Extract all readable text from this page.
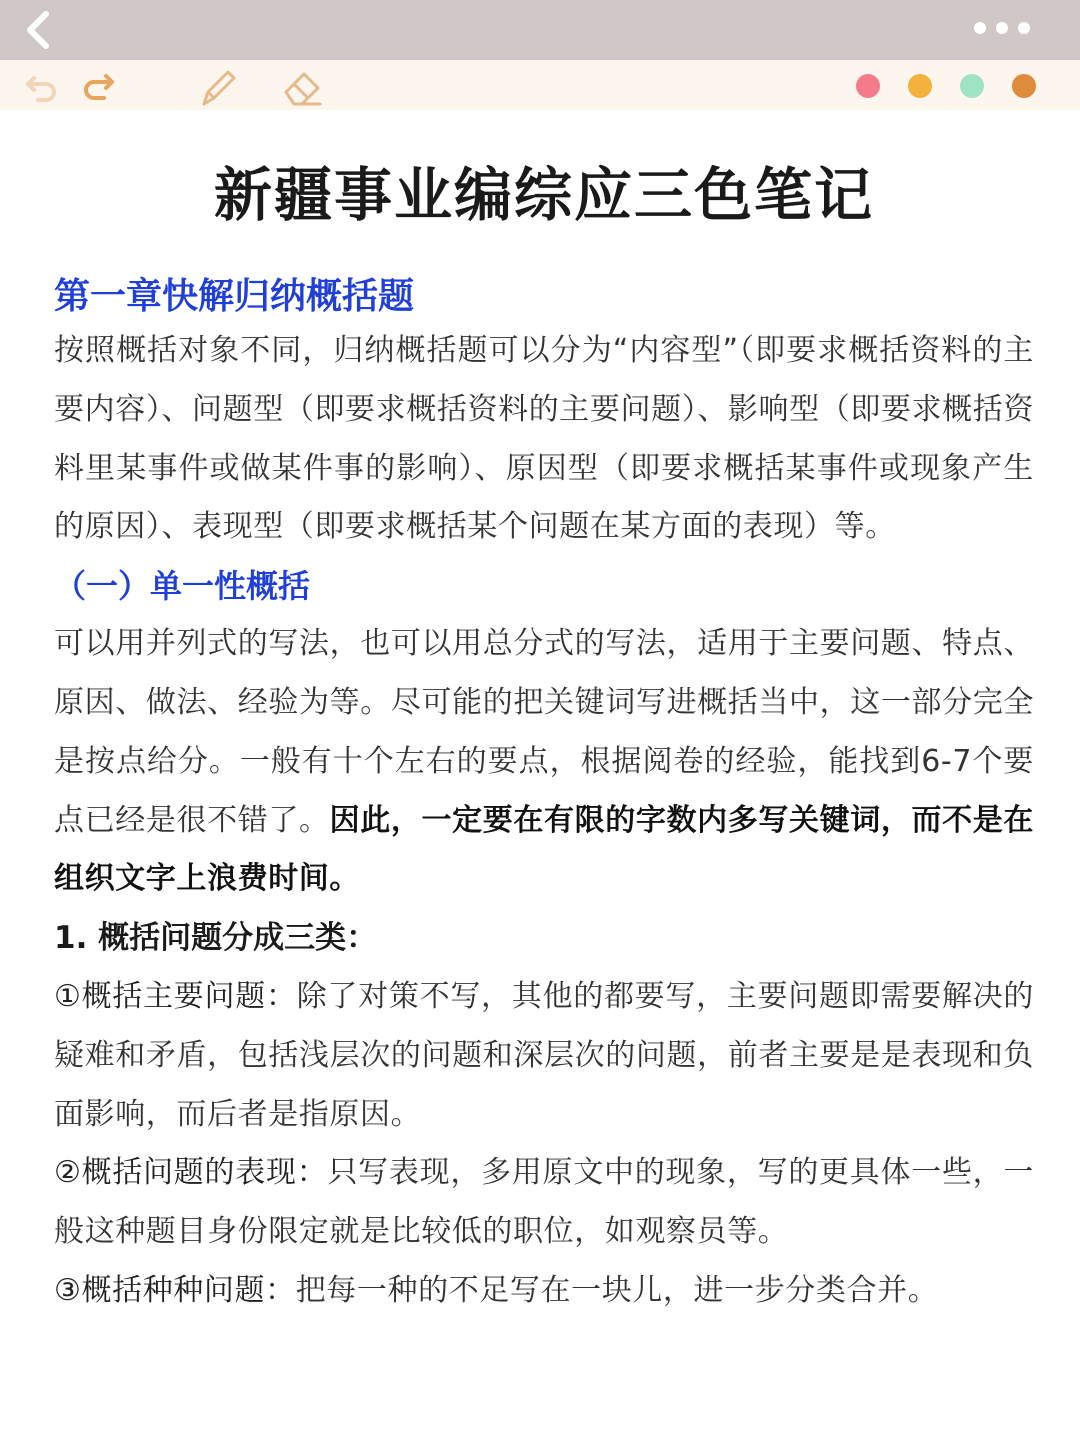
新疆事业编综应三色笔记
第一章快解归纳概括题

按照概括对象不同，归纳概括题可以分为“内容型”（即要求概括资料的主要内容）、问题型（即要求概括资料的主要问题）、影响型（即要求概括资料里某事件或做某件事的影响）、原因型（即要求概括某事件或现象产生的原因）、表现型（即要求概括某个问题在某方面的表现）等。

（一）单一性概括

可以用并列式的写法，也可以用总分式的写法，适用于主要问题、特点、原因、做法、经验为等。尽可能的把关键词写进概括当中，这一部分完全是按点给分。一般有十个左右的要点，根据阅卷的经验，能找到6-7个要点已经是很不错了。因此，一定要在有限的字数内多写关键词，而不是在组织文字上浪费时间。

1. 概括问题分成三类：

①概括主要问题：除了对策不写，其他的都要写，主要问题即需要解决的疑难和矛盾，包括浅层次的问题和深层次的问题，前者主要是是表现和负面影响，而后者是指原因。

②概括问题的表现：只写表现，多用原文中的现象，写的更具体一些，一般这种题目身份限定就是比较低的职位，如观察员等。

③概括种种问题：把每一种的不足写在一块儿，进一步分类合并。
